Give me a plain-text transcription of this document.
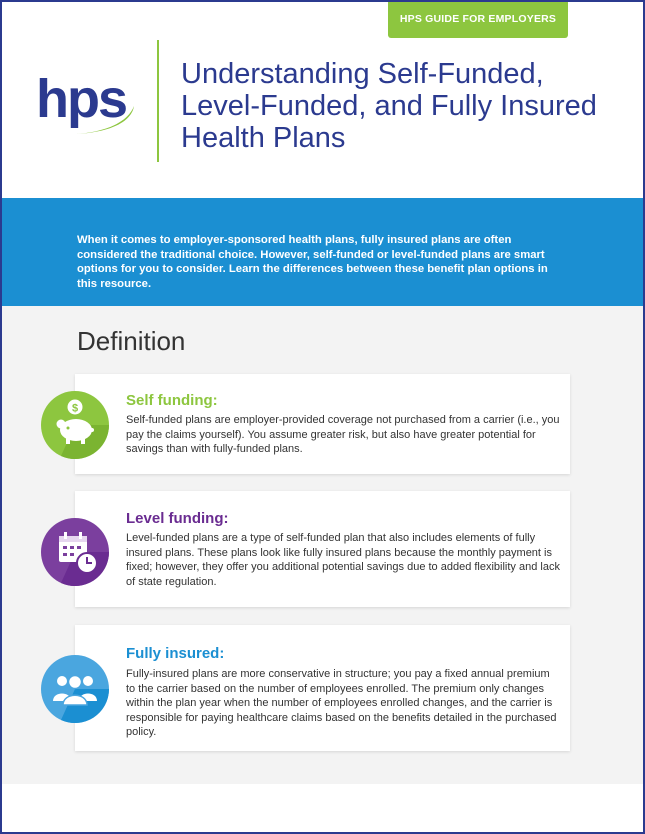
HPS GUIDE FOR EMPLOYERS
hps Understanding Self-Funded, Level-Funded, and Fully Insured Health Plans

When it comes to employer-sponsored health plans, fully insured plans are often considered the traditional choice. However, self-funded or level-funded plans are smart options for you to consider. Learn the differences between these benefit plan options in this resource.

Definition
Self funding:

Self-funded plans are employer-provided coverage not purchased from a carrier (i.e., you pay the claims yourself). You assume greater risk, but also have greater potential for savings than with fully-funded plans.

$
Level funding:

Level-funded plans are a type of self-funded plan that also includes elements of fully insured plans. These plans look like fully insured plans because the monthly payment is fixed; however, they offer you additional potential savings due to added flexibility and lack of state regulation.

Fully insured:

Fully-insured plans are more conservative in structure; you pay a fixed annual premium to the carrier based on the number of employees enrolled. The premium only changes within the plan year when the number of employees enrolled changes, and the carrier is responsible for paying healthcare claims based on the benefits detailed in the purchased policy.
